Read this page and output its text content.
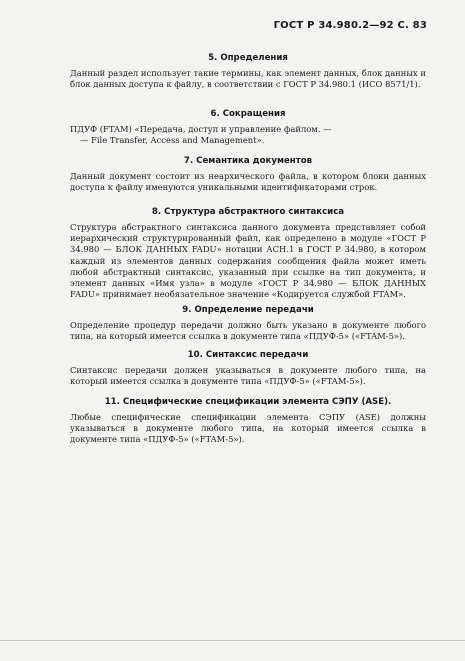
ГОСТ Р 34.980.2—92 С. 83
5. Определения

Данный раздел использует такие термины, как элемент данных, блок данных и блок данных доступа к файлу, в соответствии с ГОСТ Р 34.980.1 (ИСО 8571/1).

6. Сокращения

ПДУФ (FTAM) «Передача, доступ и управление файлом. —

— File Transfer, Access and Management».

7. Семантика документов

Данный документ состоит из неархического файла, в котором блоки данных доступа к файлу именуются уникальными идентификаторами строк.

8. Структура абстрактного синтаксиса

Структура абстрактного синтаксиса данного документа представляет собой иерархический структурированный файл, как определено в модуле «ГОСТ Р 34.980 — БЛОК ДАННЫХ FADU» нотации АСН.1 в ГОСТ Р 34.980, в котором каждый из элементов данных содержания сообщения файла может иметь любой абстрактный синтаксис, указанный при ссылке на тип документа, и элемент данных «Имя узла» в модуле «ГОСТ Р 34.980 — БЛОК ДАННЫХ FADU» принимает необязательное значение «Кодируется службой FTAM».

9. Определение передачи

Определение процедур передачи должно быть указано в документе любого типа, на который имеется ссылка в документе типа «ПДУФ-5» («FTAM-5»).

10. Синтаксис передачи

Синтаксис передачи должен указываться в документе любого типа, на который имеется ссылка в документе типа «ПДУФ-5» («FTAM-5»).

11. Специфические спецификации элемента СЭПУ (ASE).

Любые специфические спецификации элемента СЭПУ (ASE) должны указываться в документе любого типа, на который имеется ссылка в документе типа «ПДУФ-5» («FTAM-5»).
